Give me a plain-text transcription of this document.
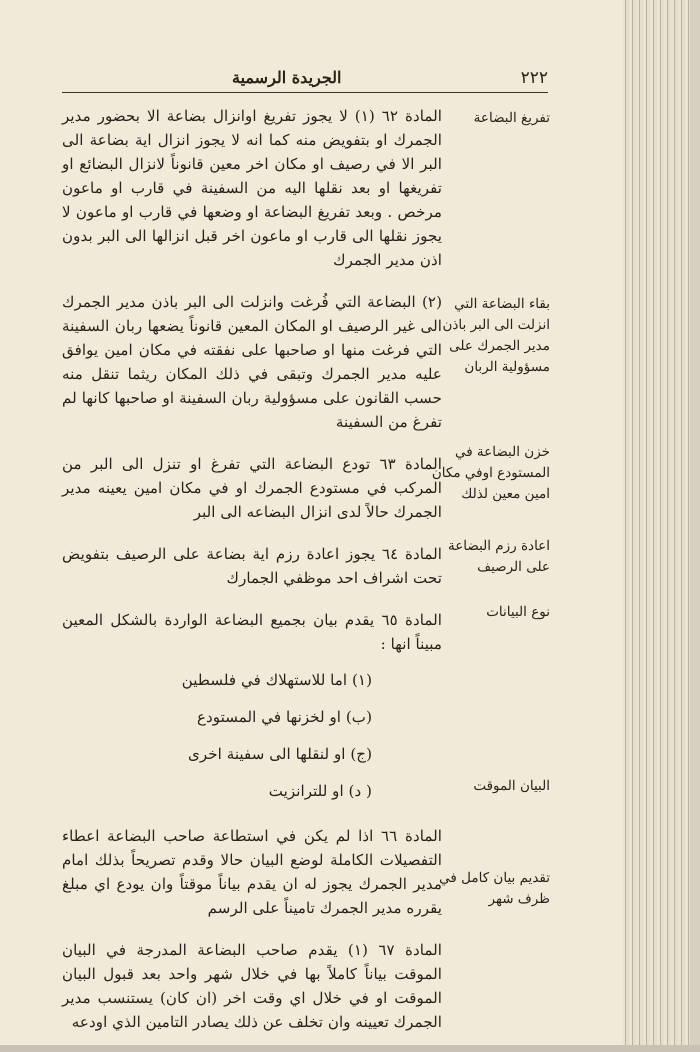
٢٢٢
الجريدة الرسمية
تفريغ البضاعة
بقاء البضاعة التي انزلت الى البر باذن مدير الجمرك على مسؤولية الربان
خزن البضاعة في المستودع اوفي مكان امين معين لذلك
اعادة رزم البضاعة على الرصيف
نوع البيانات
البيان الموقت
تقديم بيان كامل في ظرف شهر

المادة ٦٢ (١) لا يجوز تفريغ اوانزال بضاعة الا بحضور مدير الجمرك او بتفويض منه كما انه لا يجوز انزال اية بضاعة الى البر الا في رصيف او مكان اخر معين قانوناً لانزال البضائع او تفريغها او بعد نقلها اليه من السفينة في قارب او ماعون مرخص . وبعد تفريغ البضاعة او وضعها في قارب او ماعون لا يجوز نقلها الى قارب او ماعون اخر قبل انزالها الى البر بدون اذن مدير الجمرك

(٢) البضاعة التي فُرغت وانزلت الى البر باذن مدير الجمرك الى غير الرصيف او المكان المعين قانوناً يضعها ربان السفينة التي فرغت منها او صاحبها على نفقته في مكان امين يوافق عليه مدير الجمرك وتبقى في ذلك المكان ريثما تنقل منه حسب القانون على مسؤولية ربان السفينة او صاحبها كانها لم تفرغ من السفينة

المادة ٦٣ تودع البضاعة التي تفرغ او تنزل الى البر من المركب في مستودع الجمرك او في مكان امين يعينه مدير الجمرك حالاً لدى انزال البضاعه الى البر

المادة ٦٤ يجوز اعادة رزم اية بضاعة على الرصيف بتفويض تحت اشراف احد موظفي الجمارك

المادة ٦٥ يقدم بيان بجميع البضاعة الواردة بالشكل المعين مبيناً انها :

(١) اما للاستهلاك في فلسطين
(ب) او لخزنها في المستودع
(ج) او لنقلها الى سفينة اخرى
( د) او للترانزيت

المادة ٦٦ اذا لم يكن في استطاعة صاحب البضاعة اعطاء التفصيلات الكاملة لوضع البيان حالا وقدم تصريحاً بذلك امام مدير الجمرك يجوز له ان يقدم بياناً موقتاً وان يودع اي مبلغ يقرره مدير الجمرك تاميناً على الرسم

المادة ٦٧ (١) يقدم صاحب البضاعة المدرجة في البيان الموقت بياناً كاملاً بها في خلال شهر واحد بعد قبول البيان الموقت او في خلال اي وقت اخر (ان كان) يستنسب مدير الجمرك تعيينه وان تخلف عن ذلك يصادر التامين الذي اودعه
